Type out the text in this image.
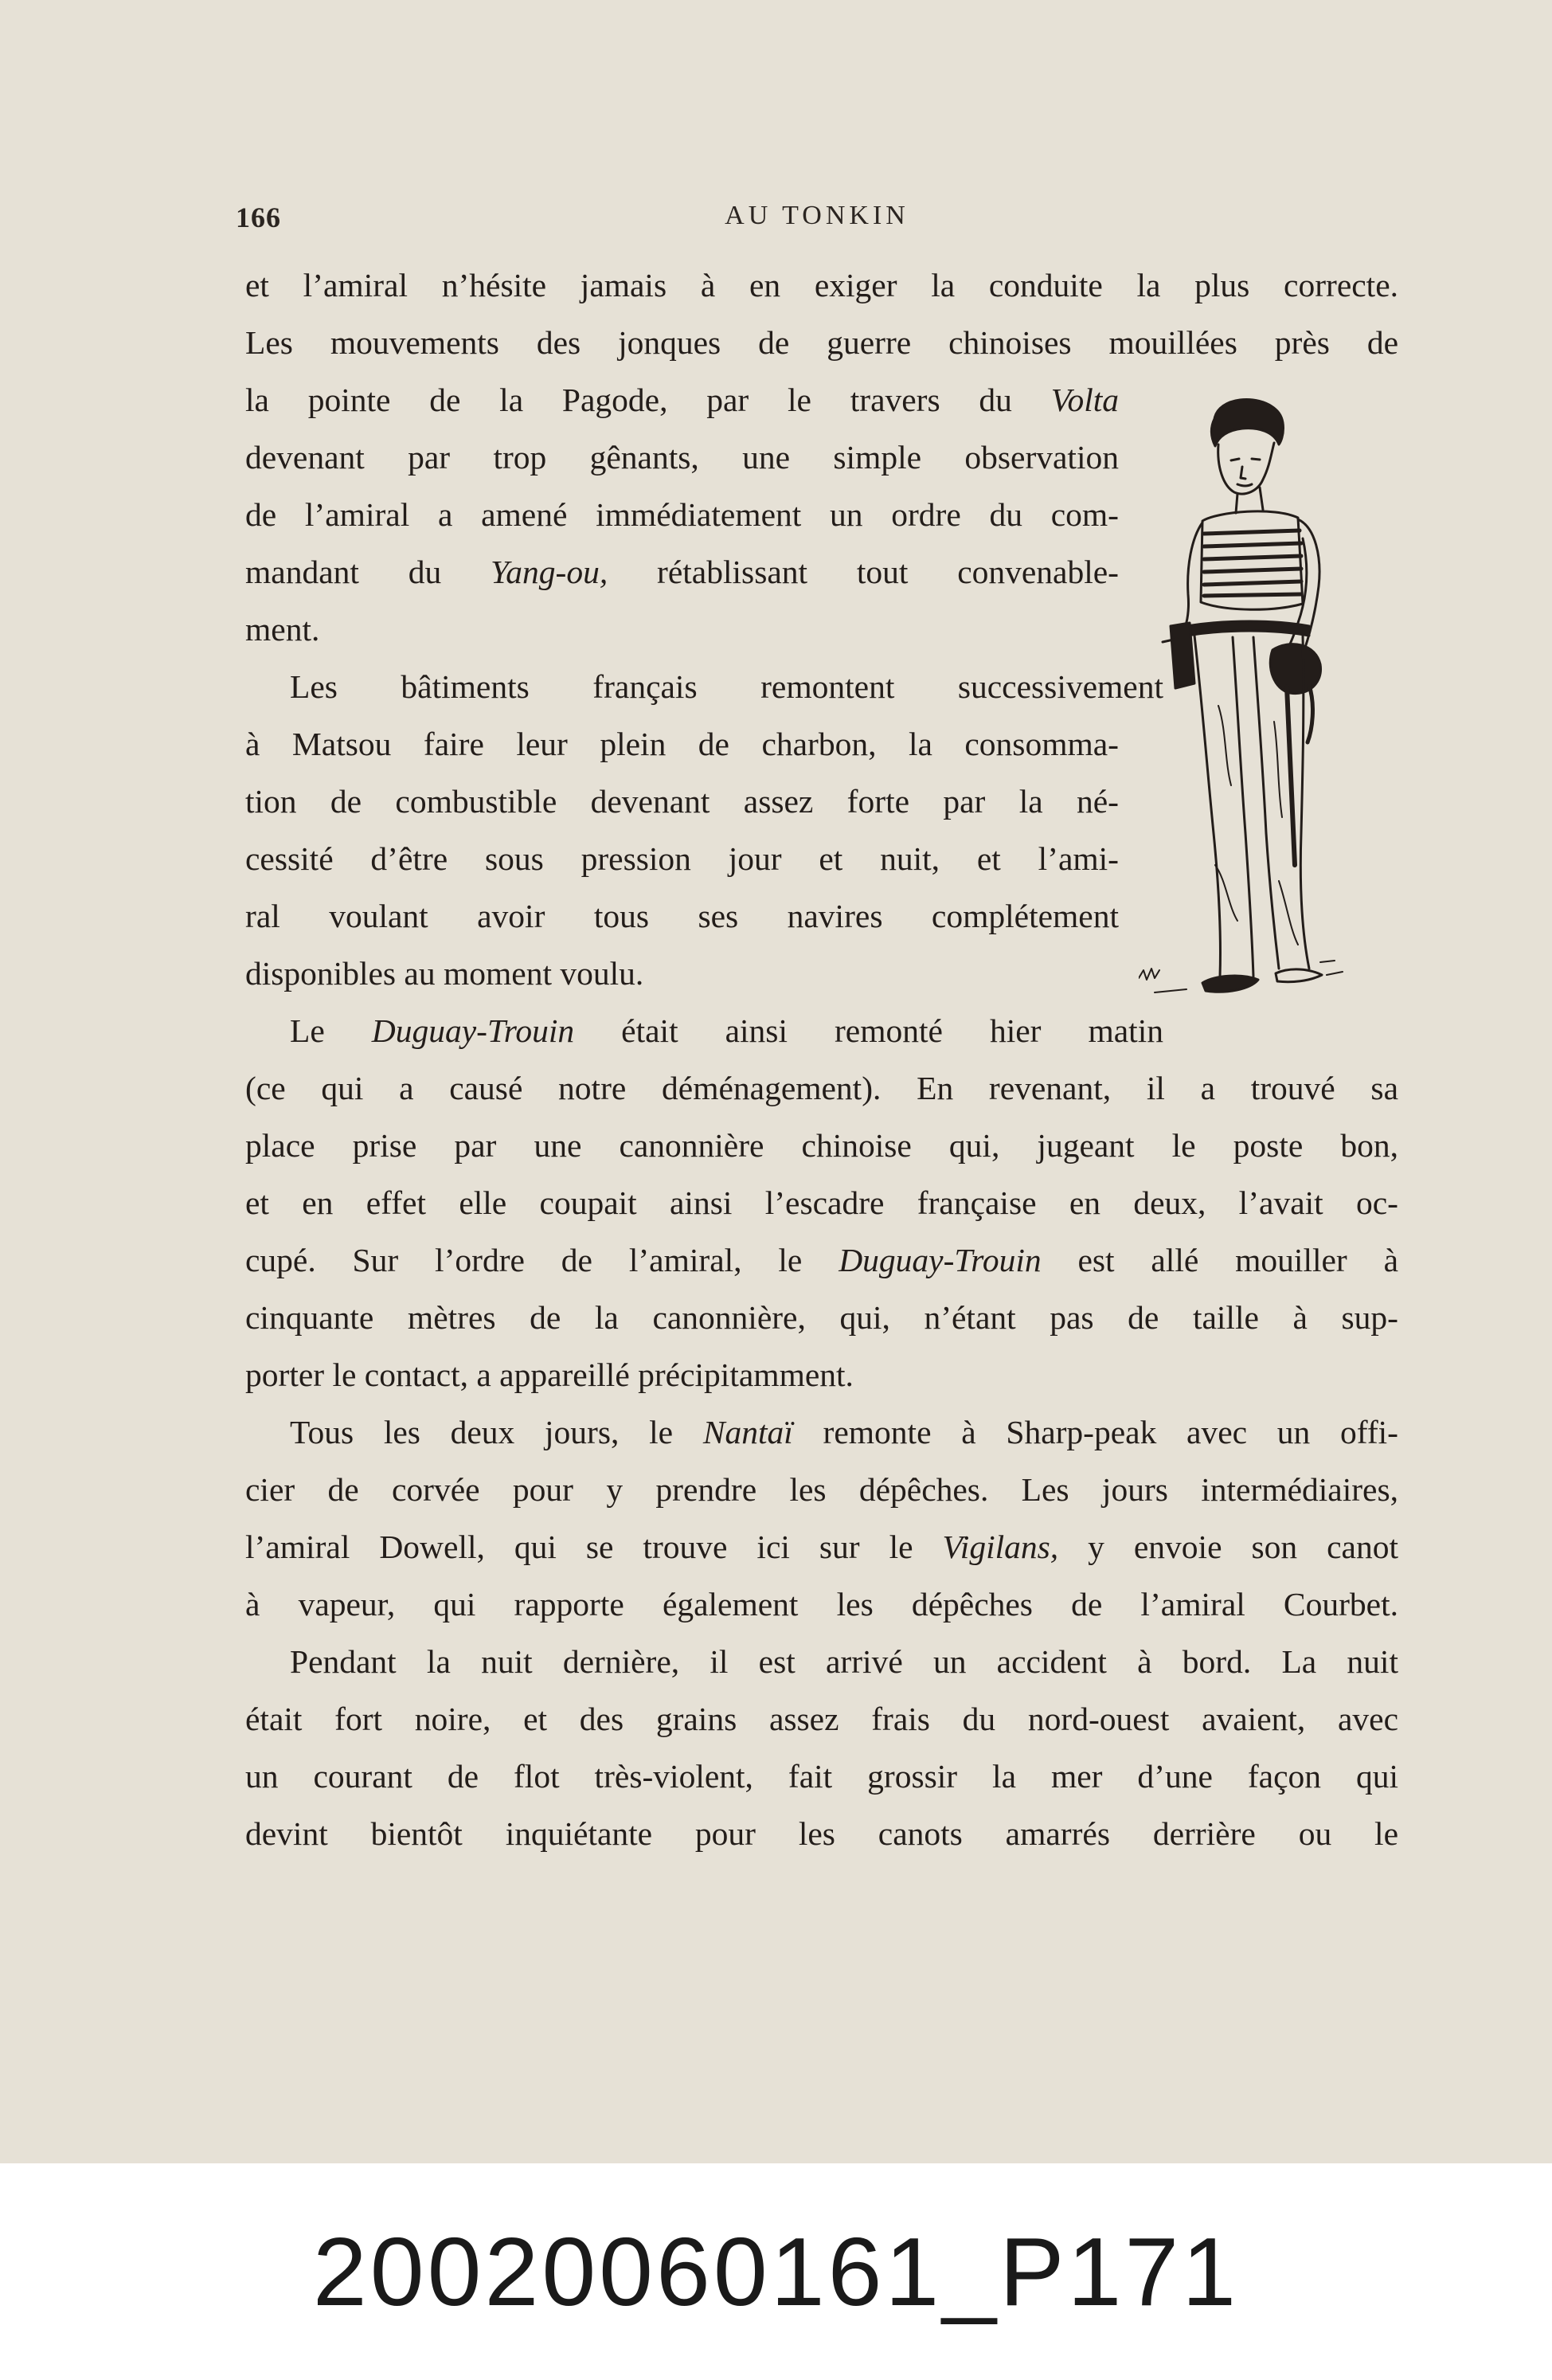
166	AU TONKIN
et l’amiral n’hésite jamais à en exiger la conduite la plus correcte.
Les mouvements des jonques de guerre chinoises mouillées près de
la pointe de la Pagode, par le travers du Volta
devenant par trop gênants, une simple observation
de l’amiral a amené immédiatement un ordre du com-
mandant du Yang-ou, rétablissant tout convenable-
ment.
Les bâtiments français remontent successivement
à Matsou faire leur plein de charbon, la consomma-
tion de combustible devenant assez forte par la né-
cessité d’être sous pression jour et nuit, et l’ami-
ral voulant avoir tous ses navires complétement
disponibles au moment voulu.
Le Duguay-Trouin était ainsi remonté hier matin
(ce qui a causé notre déménagement). En revenant, il a trouvé sa
place prise par une canonnière chinoise qui, jugeant le poste bon,
et en effet elle coupait ainsi l’escadre française en deux, l’avait oc-
cupé. Sur l’ordre de l’amiral, le Duguay-Trouin est allé mouiller à
cinquante mètres de la canonnière, qui, n’étant pas de taille à sup-
porter le contact, a appareillé précipitamment.
Tous les deux jours, le Nantaï remonte à Sharp-peak avec un offi-
cier de corvée pour y prendre les dépêches. Les jours intermédiaires,
l’amiral Dowell, qui se trouve ici sur le Vigilans, y envoie son canot
à vapeur, qui rapporte également les dépêches de l’amiral Courbet.
Pendant la nuit dernière, il est arrivé un accident à bord. La nuit
était fort noire, et des grains assez frais du nord-ouest avaient, avec
un courant de flot très-violent, fait grossir la mer d’une façon qui
devint bientôt inquiétante pour les canots amarrés derrière ou le
20020060161_P171
